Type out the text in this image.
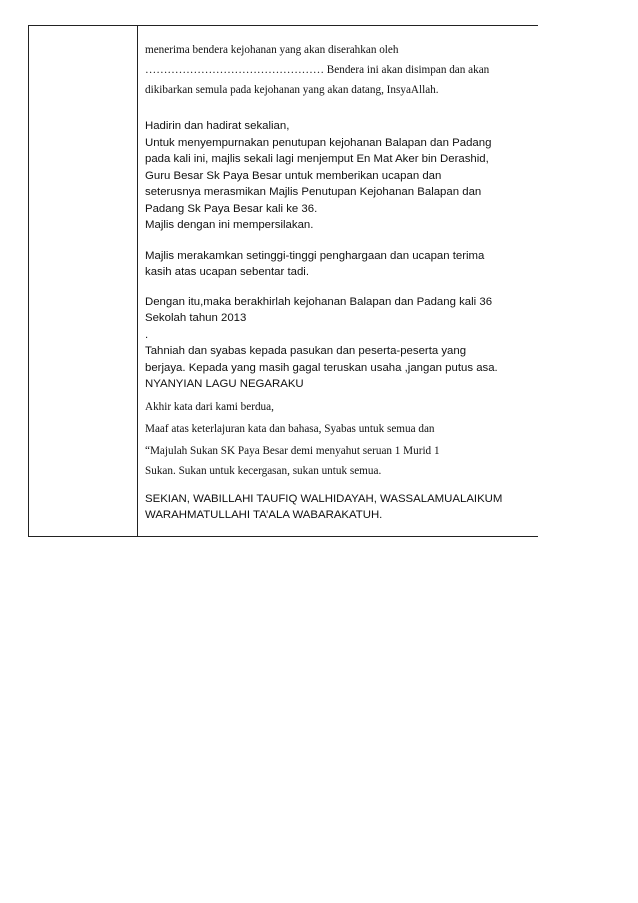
menerima bendera kejohanan yang akan diserahkan oleh
………………………………………… Bendera ini akan disimpan dan akan
dikibarkan semula pada kejohanan yang akan datang, InsyaAllah.
Hadirin dan hadirat sekalian,
Untuk menyempurnakan penutupan kejohanan Balapan dan Padang
pada kali ini, majlis sekali lagi menjemput En Mat Aker bin Derashid,
Guru Besar Sk Paya Besar untuk memberikan ucapan dan
seterusnya merasmikan Majlis Penutupan Kejohanan Balapan dan
Padang Sk Paya Besar kali ke 36.
Majlis dengan ini mempersilakan.
Majlis merakamkan setinggi-tinggi penghargaan dan ucapan terima
kasih atas ucapan sebentar tadi.
Dengan itu,maka berakhirlah kejohanan Balapan dan Padang kali 36
Sekolah tahun 2013
.
Tahniah dan syabas kepada pasukan dan peserta-peserta yang
berjaya. Kepada yang masih gagal teruskan usaha ,jangan putus asa.
NYANYIAN LAGU NEGARAKU
Akhir kata dari kami berdua,
Maaf atas keterlajuran kata dan bahasa, Syabas untuk semua dan
“Majulah Sukan SK Paya Besar demi menyahut seruan 1 Murid 1
Sukan. Sukan untuk kecergasan, sukan untuk semua.
SEKIAN, WABILLAHI TAUFIQ WALHIDAYAH, WASSALAMUALAIKUM
WARAHMATULLAHI TA’ALA WABARAKATUH.
